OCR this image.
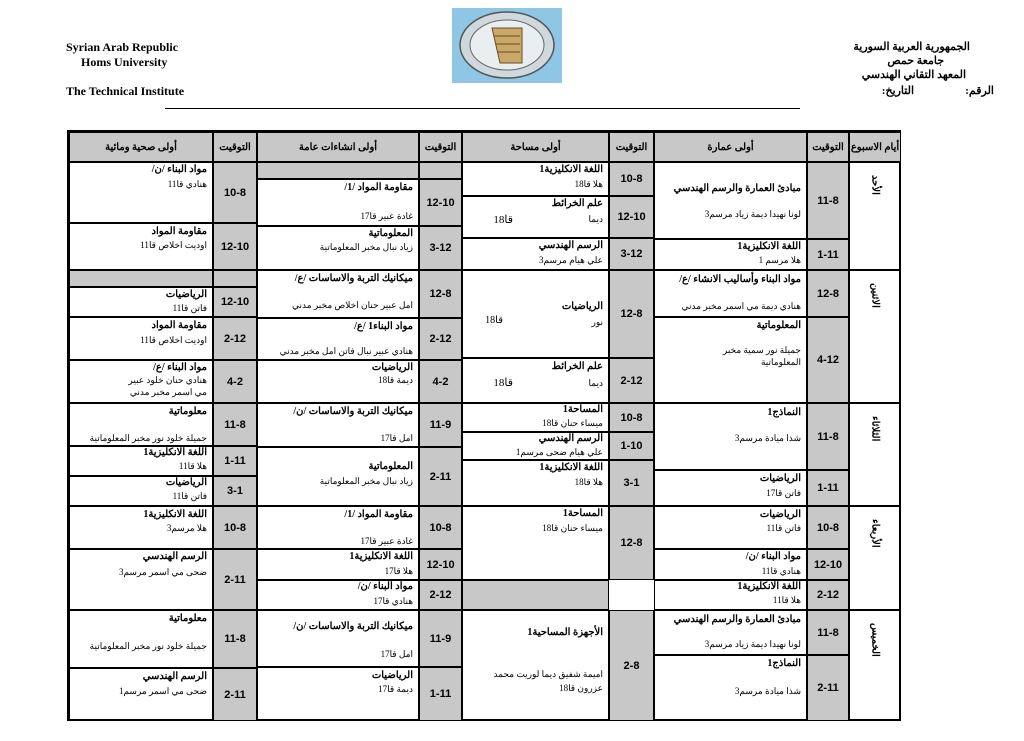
Syrian Arab Republic
Homs University
The Technical Institute
الجمهورية العربية السورية
جامعة حمص
المعهد التقاني الهندسي
الرقم:
التاريخ:
أيام الاسبوع
التوقيت
أولى عمارة
التوقيت
أولى مساحة
التوقيت
أولى انشاءات عامة
التوقيت
أولى صحية ومائية
الأحد
الاثنين
الثلاثاء
الأربعاء
الخميس
11-8
مبادئ العمارة والرسم الهندسي
لونا نهيدا ديمة زياد مرسم3
1-11
اللغة الانكليزية1
هلا مرسم 1
12-8
مواد البناء وأساليب الانشاء /ع/
هنادي ديمة مي اسمر مخبر مدني
4-12
المعلوماتية
جميلة نور سمية مخبر
المعلوماتية
11-8
النماذج1
شذا ميادة مرسم3
1-11
الرياضيات
فاتن قا17
10-8
الرياضيات
فاتن قا11
12-10
مواد البناء /ن/
هنادي قا11
2-12
اللغة الانكليزية1
هلا قا11
11-8
مبادئ العمارة والرسم الهندسي
لونا نهيدا ديمة زياد مرسم3
2-11
النماذج1
شذا ميادة مرسم3
10-8
اللغة الانكليزية1
هلا قا18
12-10
علم الخرائط
ديما
قا18
3-12
الرسم الهندسي
علي هيام مرسم3
12-8
الرياضيات
نور
قا18
2-12
علم الخرائط
ديما
قا18
10-8
المساحة1
ميساء حنان قا18
1-10
الرسم الهندسي
علي هيام ضحى مرسم1
3-1
اللغة الانكليزية1
هلا قا18
12-8
المساحة1
ميساء حنان قا18
2-8
الأجهزة المساحية1
اميمة شفيق ديما لوريت محمد
عزرون قا18
12-10
مقاومة المواد /1/
غادة عبير قا17
3-12
المعلوماتية
زياد نبال مخبر المعلوماتية
12-8
ميكانيك التربة والاساسات /ع/
امل عبير حنان اخلاص مخبر مدني
2-12
مواد البناء1 /ع/
هنادي عبير نبال فاتن امل مخبر مدني
4-2
الرياضيات
ديمة قا18
11-9
ميكانيك التربة والاساسات /ن/
امل قا17
2-11
المعلوماتية
زياد نبال مخبر المعلوماتية
10-8
مقاومة المواد /1/
غادة عبير قا17
12-10
اللغة الانكليزية1
هلا قا17
2-12
مواد البناء /ن/
هنادي قا17
11-9
ميكانيك التربة والاساسات /ن/
امل قا17
1-11
الرياضيات
ديمة قا17
10-8
مواد البناء /ن/
هنادي قا11
12-10
مقاومة المواد
اوديت اخلاص قا11
12-10
الرياضيات
فاتن قا11
2-12
مقاومة المواد
اوديت اخلاص قا11
4-2
مواد البناء /ع/
هنادي حنان خلود عبير
مي اسمر مخبر مدني
11-8
معلوماتية
جميلة خلود نور مخبر المعلوماتية
1-11
اللغة الانكليزية1
هلا قا11
3-1
الرياضيات
فاتن قا11
10-8
اللغة الانكليزية1
هلا مرسم3
2-11
الرسم الهندسي
ضحى مي اسمر مرسم3
11-8
معلوماتية
جميلة خلود نور مخبر المعلوماتية
2-11
الرسم الهندسي
ضحى مي اسمر مرسم1
